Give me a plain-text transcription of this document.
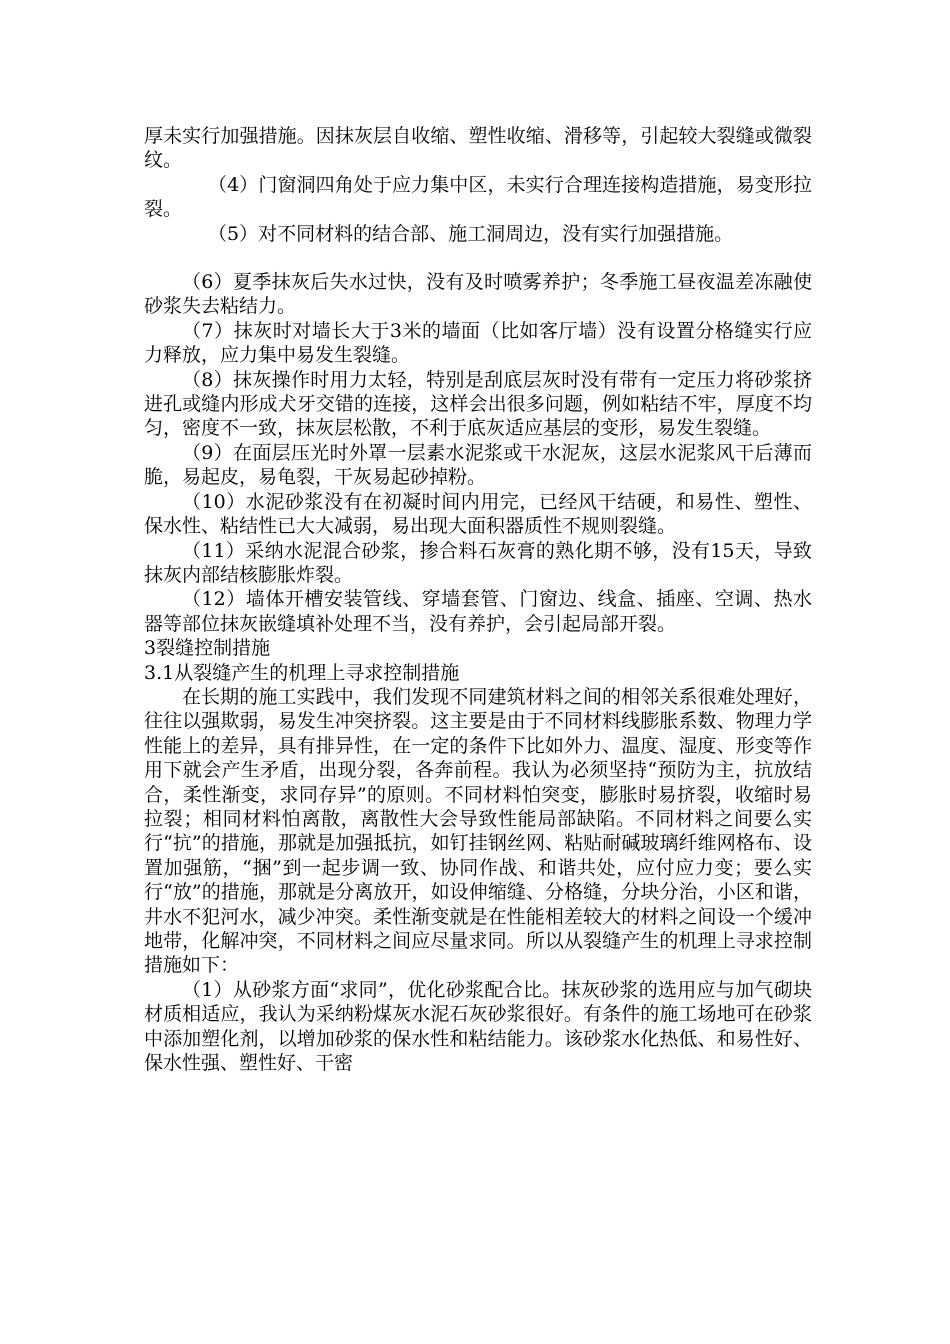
厚未实行加强措施。因抹灰层自收缩、塑性收缩、滑移等，引起较大裂缝或微裂纹。

（4）门窗洞四角处于应力集中区，未实行合理连接构造措施，易变形拉裂。

（5）对不同材料的结合部、施工洞周边，没有实行加强措施。

（6）夏季抹灰后失水过快，没有及时喷雾养护；冬季施工昼夜温差冻融使砂浆失去粘结力。

（7）抹灰时对墙长大于3米的墙面（比如客厅墙）没有设置分格缝实行应力释放，应力集中易发生裂缝。

（8）抹灰操作时用力太轻，特别是刮底层灰时没有带有一定压力将砂浆挤进孔或缝内形成犬牙交错的连接，这样会出很多问题，例如粘结不牢，厚度不均匀，密度不一致，抹灰层松散，不利于底灰适应基层的变形，易发生裂缝。

（9）在面层压光时外罩一层素水泥浆或干水泥灰，这层水泥浆风干后薄而脆，易起皮，易龟裂，干灰易起砂掉粉。

（10）水泥砂浆没有在初凝时间内用完，已经风干结硬，和易性、塑性、保水性、粘结性已大大减弱，易出现大面积器质性不规则裂缝。

（11）采纳水泥混合砂浆，掺合料石灰膏的熟化期不够，没有15天，导致抹灰内部结核膨胀炸裂。

（12）墙体开槽安装管线、穿墙套管、门窗边、线盒、插座、空调、热水器等部位抹灰嵌缝填补处理不当，没有养护，会引起局部开裂。

3裂缝控制措施

3.1从裂缝产生的机理上寻求控制措施

在长期的施工实践中，我们发现不同建筑材料之间的相邻关系很难处理好，往往以强欺弱，易发生冲突挤裂。这主要是由于不同材料线膨胀系数、物理力学性能上的差异，具有排异性，在一定的条件下比如外力、温度、湿度、形变等作用下就会产生矛盾，出现分裂，各奔前程。我认为必须坚持“预防为主，抗放结合，柔性渐变，求同存异”的原则。不同材料怕突变，膨胀时易挤裂，收缩时易拉裂；相同材料怕离散，离散性大会导致性能局部缺陷。不同材料之间要么实行“抗”的措施，那就是加强抵抗，如钉挂钢丝网、粘贴耐碱玻璃纤维网格布、设置加强筋，“捆”到一起步调一致、协同作战、和谐共处，应付应力变；要么实行“放”的措施，那就是分离放开，如设伸缩缝、分格缝，分块分治，小区和谐，井水不犯河水，减少冲突。柔性渐变就是在性能相差较大的材料之间设一个缓冲地带，化解冲突，不同材料之间应尽量求同。所以从裂缝产生的机理上寻求控制措施如下：

（1）从砂浆方面“求同”，优化砂浆配合比。抹灰砂浆的选用应与加气砌块材质相适应，我认为采纳粉煤灰水泥石灰砂浆很好。有条件的施工场地可在砂浆中添加塑化剂，以增加砂浆的保水性和粘结能力。该砂浆水化热低、和易性好、保水性强、塑性好、干密
